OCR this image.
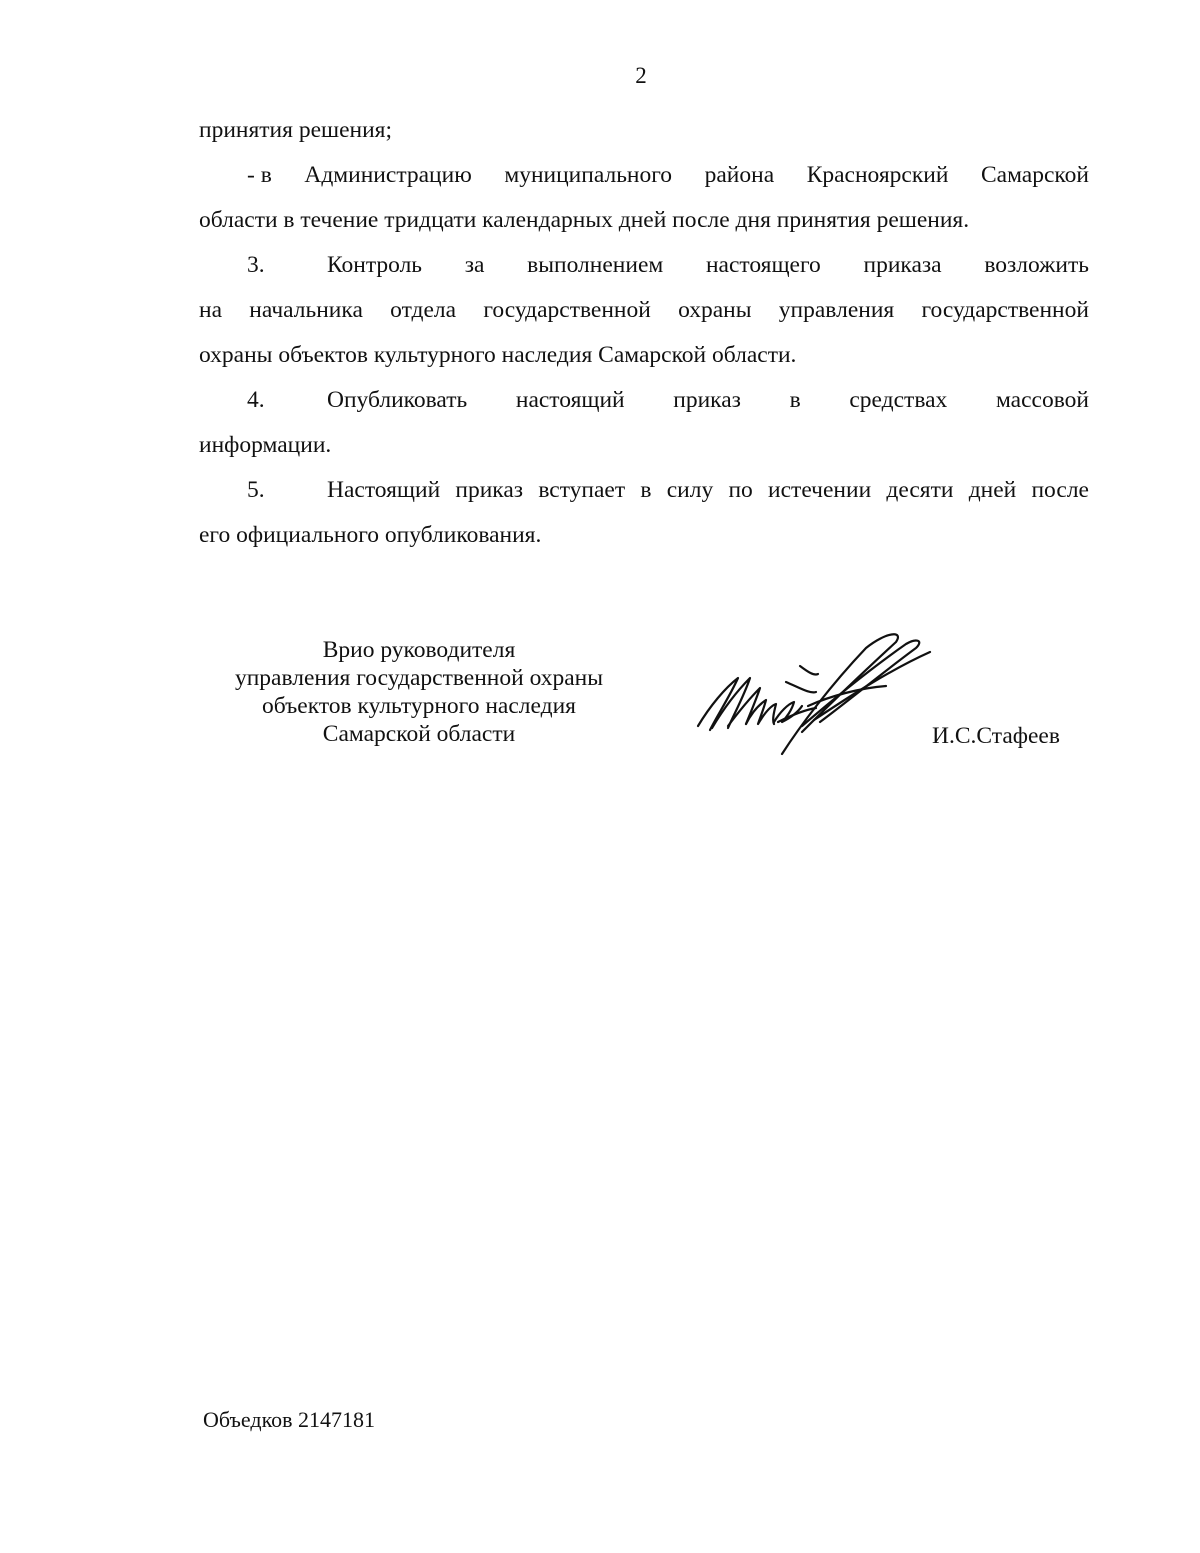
2

принятия решения;

- в Администрацию муниципального района Красноярский Самарской

области в течение тридцати календарных дней после дня принятия решения.

3.	Контроль за выполнением настоящего приказа возложить

на начальника отдела государственной охраны управления государственной

охраны объектов культурного наследия Самарской области.

4.	Опубликовать настоящий приказ в средствах массовой

информации.

5.	Настоящий приказ вступает в силу по истечении десяти дней после

его официального опубликования.

Врио руководителя
управления государственной охраны
объектов культурного наследия
Самарской области	И.С.Стафеев
Объедков 2147181
